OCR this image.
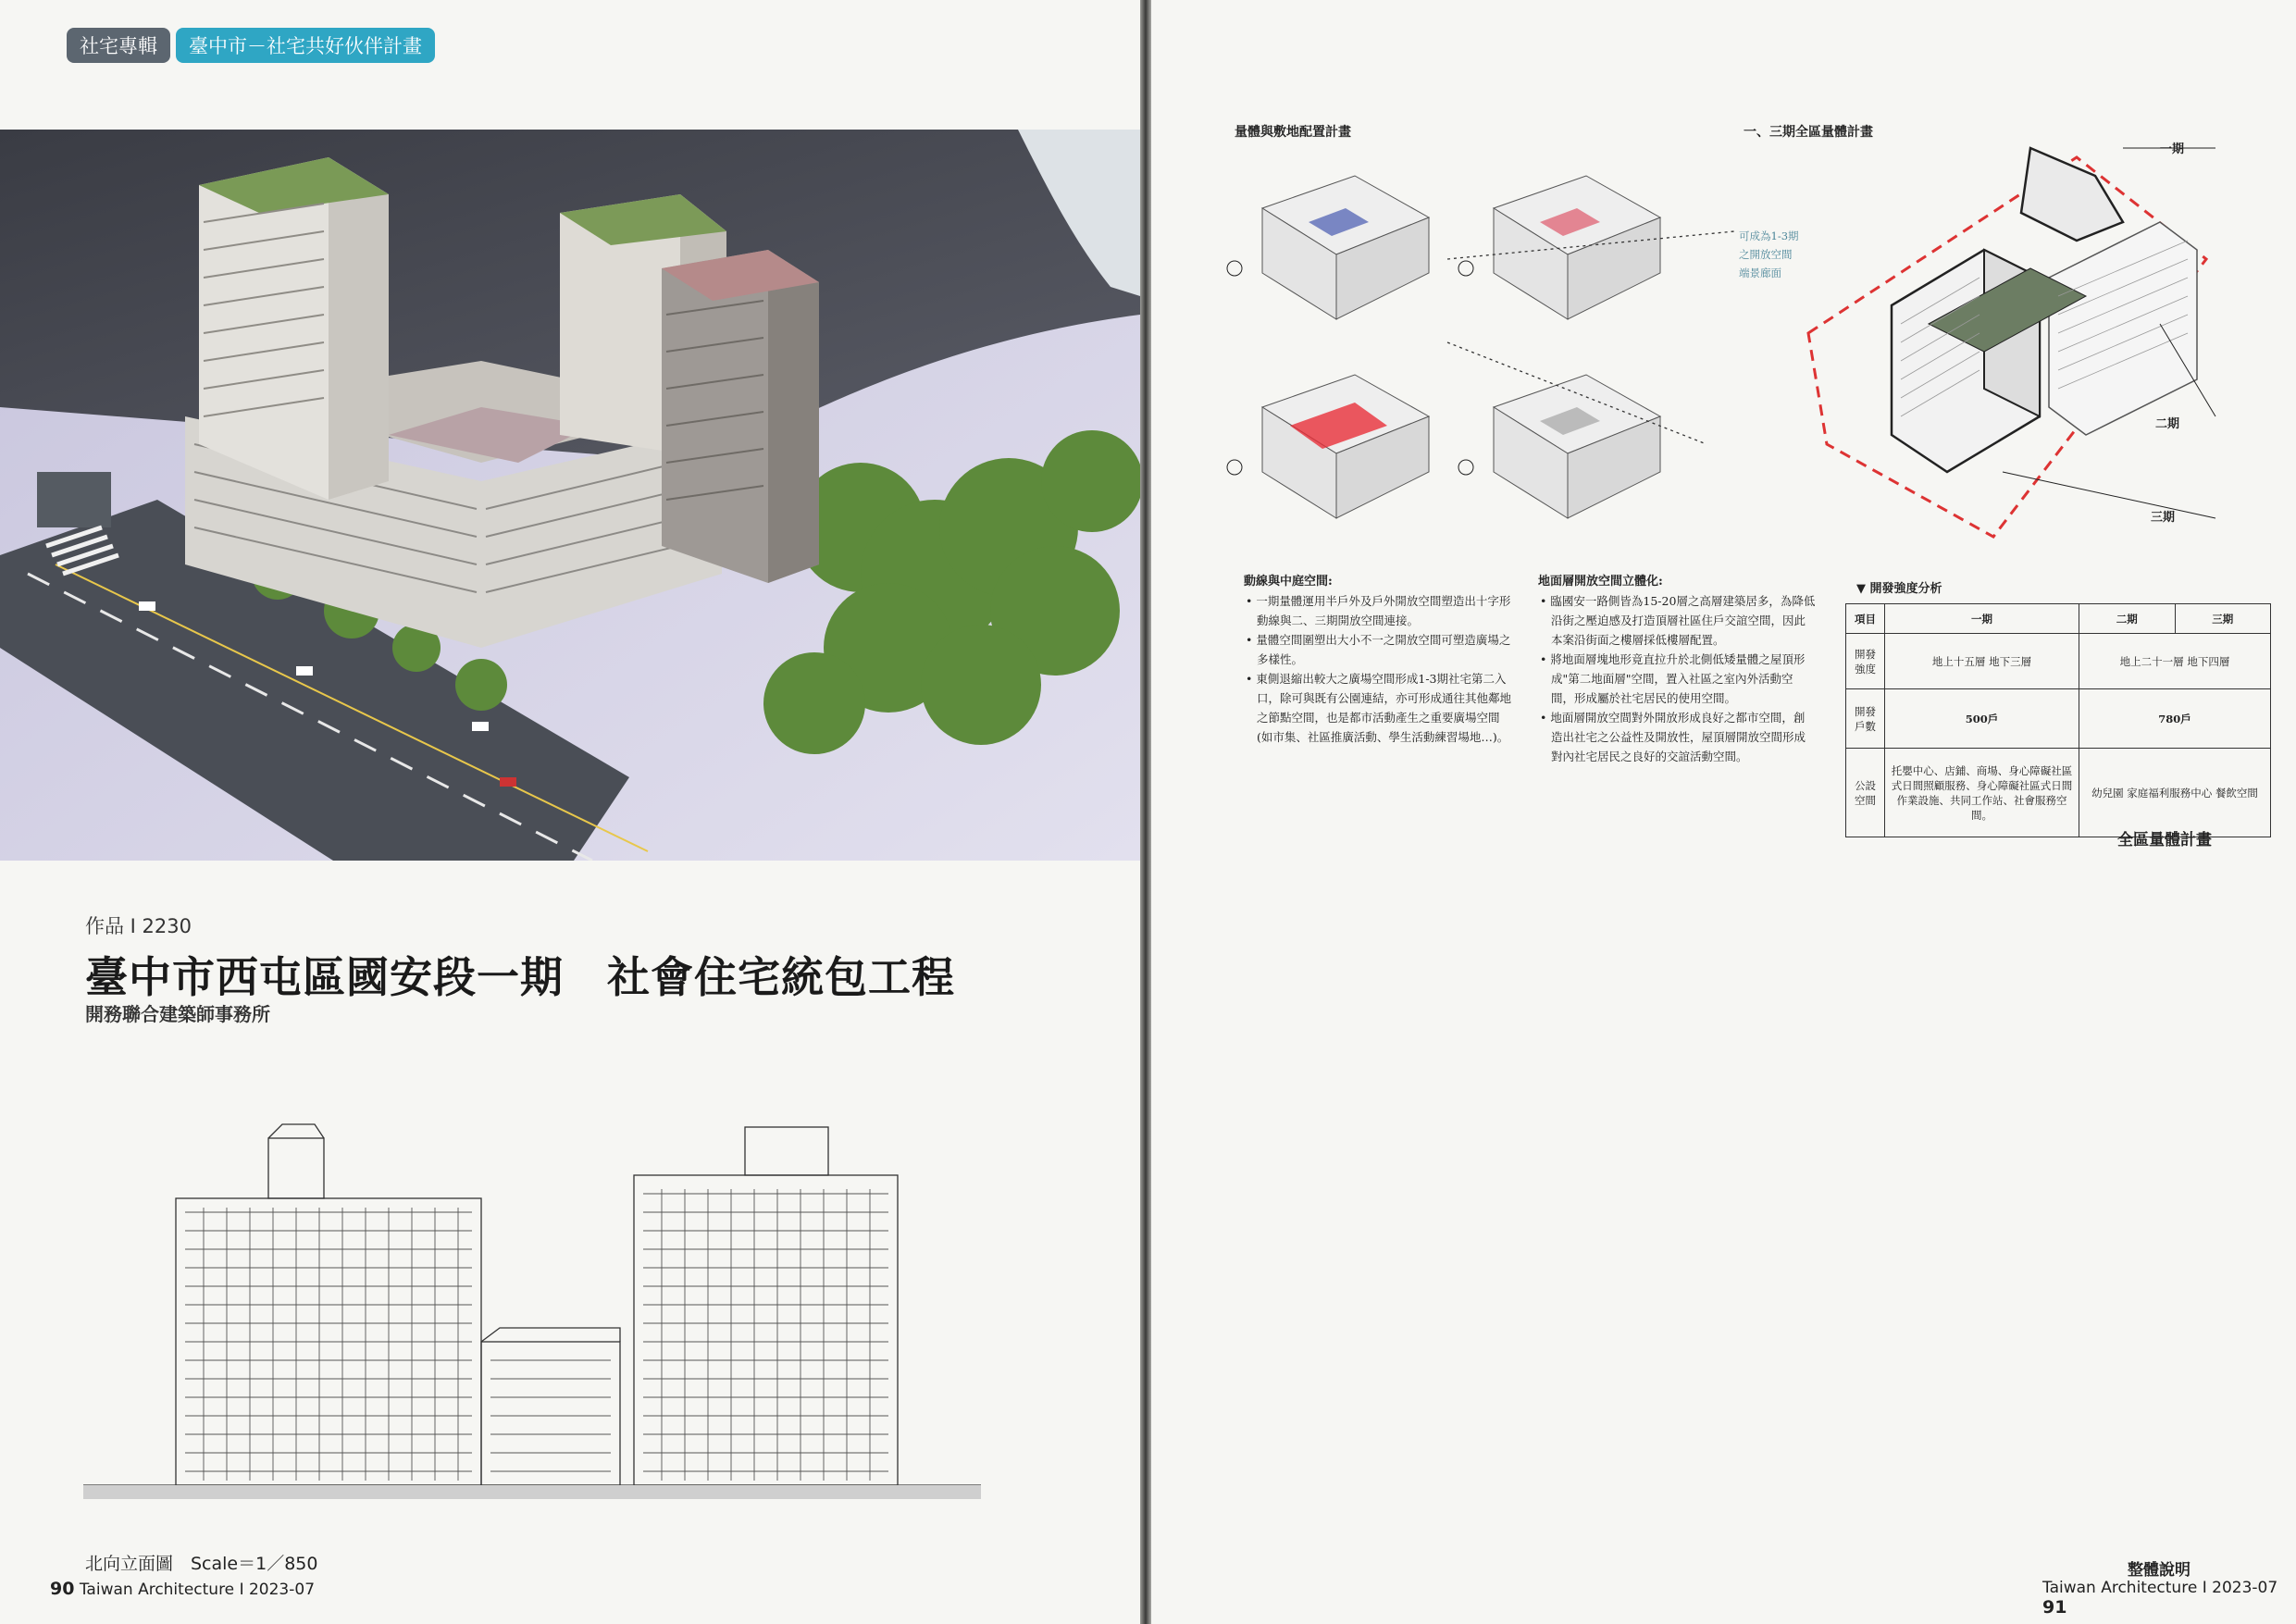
社宅專輯	臺中市－社宅共好伙伴計畫
作品 I 2230
臺中市西屯區國安段一期　社會住宅統包工程
開務聯合建築師事務所
北向立面圖　Scale＝1／850
90 Taiwan Architecture I 2023-07
量體與敷地配置計畫	一、三期全區量體計畫
一期
二期
三期
可成為1-3期
之開放空間
端景廊面
動線與中庭空間:
• 一期量體運用半戶外及戶外開放空間塑造出十字形動線與二、三期開放空間連接。
• 量體空間圍塑出大小不一之開放空間可塑造廣場之多樣性。
• 東側退縮出較大之廣場空間形成1-3期社宅第二入口，除可與既有公園連結，亦可形成通往其他鄰地之節點空間，也是都市活動產生之重要廣場空間(如市集、社區推廣活動、學生活動練習場地…)。
地面層開放空間立體化:
• 臨國安一路側皆為15-20層之高層建築居多，為降低沿街之壓迫感及打造頂層社區住戶交誼空間，因此本案沿街面之樓層採低樓層配置。
• 將地面層塊地形竟直拉升於北側低矮量體之屋頂形成"第二地面層"空間，置入社區之室內外活動空間，形成屬於社宅居民的使用空間。
• 地面層開放空間對外開放形成良好之都市空間，創造出社宅之公益性及開放性，屋頂層開放空間形成對內社宅居民之良好的交誼活動空間。
▼ 開發強度分析
項目	一期	二期	三期
開發強度	地上十五層 地下三層	地上二十一層 地下四層	
開發戶數	500戶	780戶	
公設空間	托嬰中心、店鋪、商場、身心障礙社區式日間照顧服務、身心障礙社區式日間作業設施、共同工作站、社會服務空間。	幼兒園 家庭福利服務中心 餐飲空間	
全區量體計畫
整體說明
Taiwan Architecture I 2023-07 91
